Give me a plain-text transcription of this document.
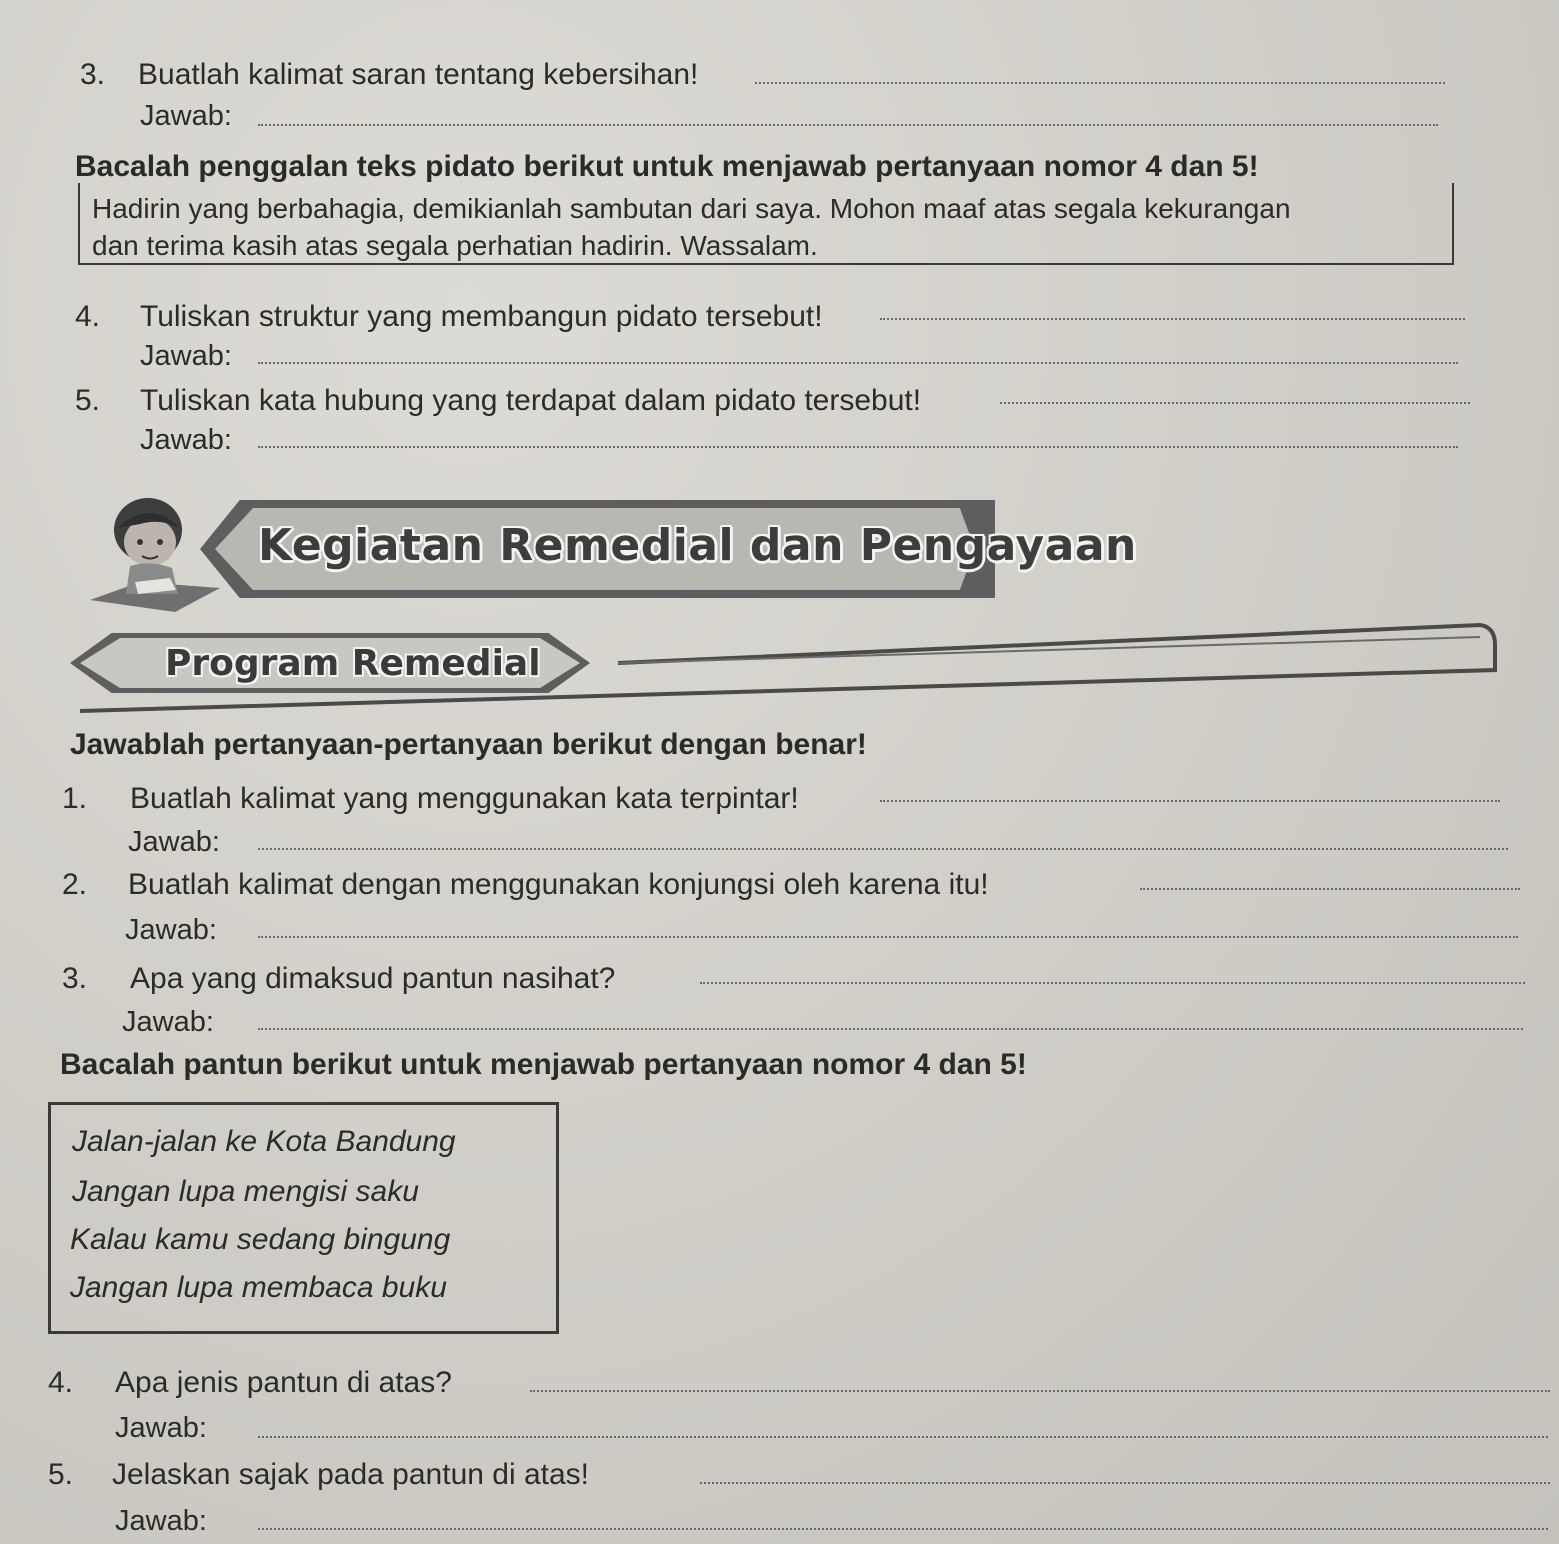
3. Buatlah kalimat saran tentang kebersihan!
Jawab:
Bacalah penggalan teks pidato berikut untuk menjawab pertanyaan nomor 4 dan 5!
Hadirin yang berbahagia, demikianlah sambutan dari saya. Mohon maaf atas segala kekurangan
dan terima kasih atas segala perhatian hadirin. Wassalam.
4. Tuliskan struktur yang membangun pidato tersebut!
Jawab:
5. Tuliskan kata hubung yang terdapat dalam pidato tersebut!
Jawab:
Kegiatan Remedial dan Pengayaan
Program Remedial
Jawablah pertanyaan-pertanyaan berikut dengan benar!
1. Buatlah kalimat yang menggunakan kata terpintar!
Jawab:
2. Buatlah kalimat dengan menggunakan konjungsi oleh karena itu!
Jawab:
3. Apa yang dimaksud pantun nasihat?
Jawab:
Bacalah pantun berikut untuk menjawab pertanyaan nomor 4 dan 5!
Jalan-jalan ke Kota Bandung
Jangan lupa mengisi saku
Kalau kamu sedang bingung
Jangan lupa membaca buku
4. Apa jenis pantun di atas?
Jawab:
5. Jelaskan sajak pada pantun di atas!
Jawab:
